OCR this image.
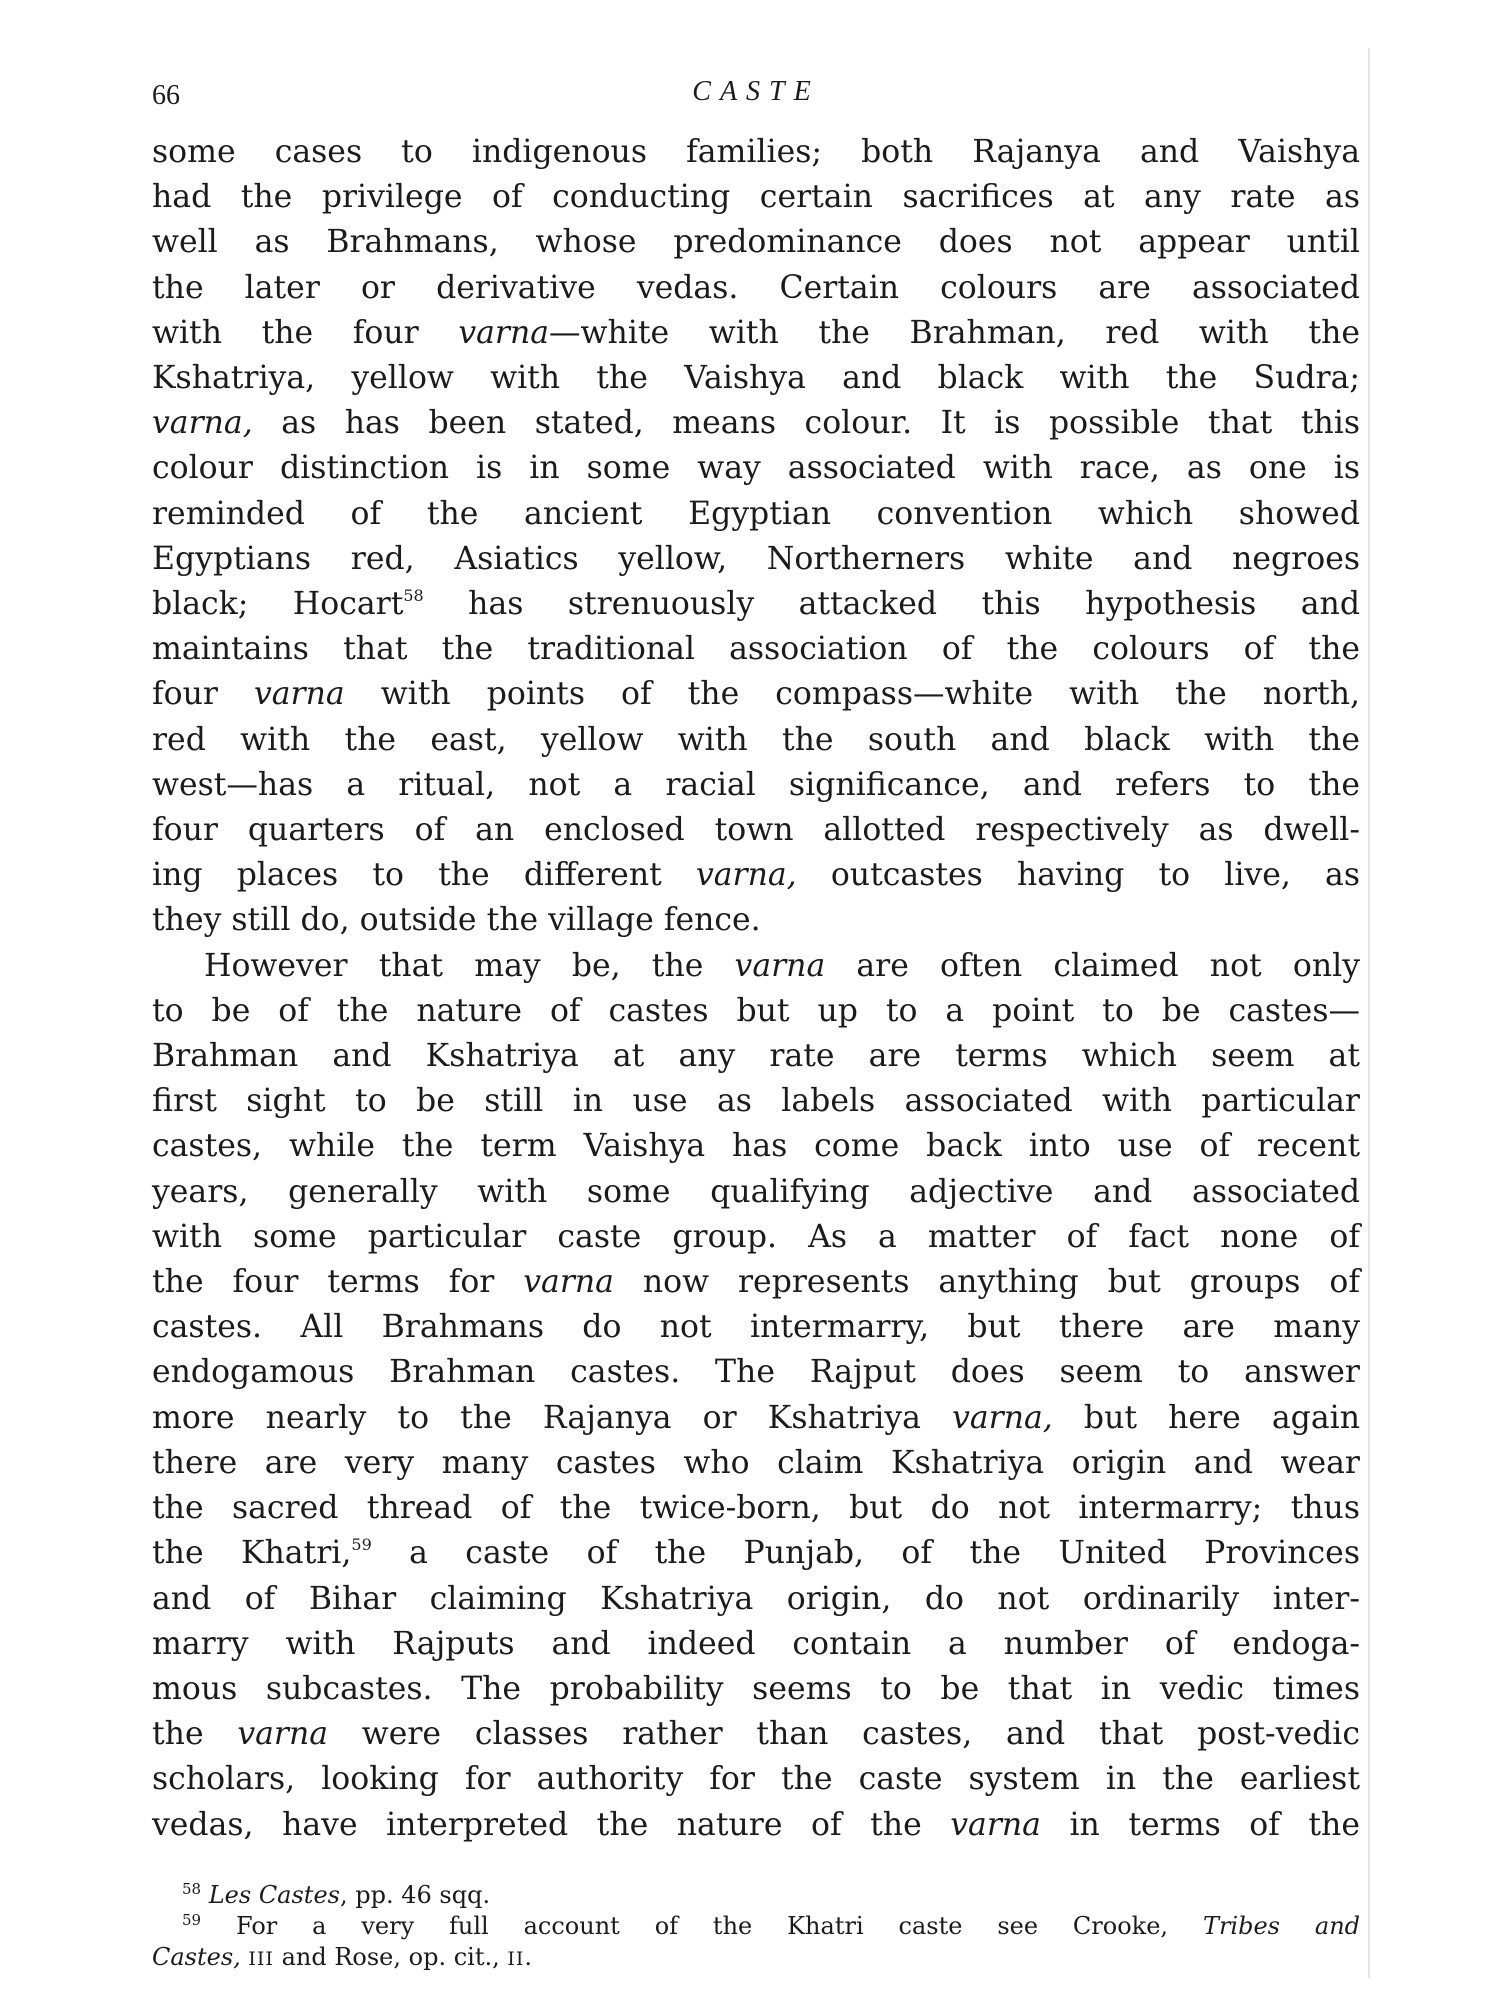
66	CASTE
some cases to indigenous families; both Rajanya and Vaishya
had the privilege of conducting certain sacrifices at any rate as
well as Brahmans, whose predominance does not appear until
the later or derivative vedas. Certain colours are associated
with the four varna—white with the Brahman, red with the
Kshatriya, yellow with the Vaishya and black with the Sudra;
varna, as has been stated, means colour. It is possible that this
colour distinction is in some way associated with race, as one is
reminded of the ancient Egyptian convention which showed
Egyptians red, Asiatics yellow, Northerners white and negroes
black; Hocart$^{58}$ has strenuously attacked this hypothesis and
maintains that the traditional association of the colours of the
four varna with points of the compass—white with the north,
red with the east, yellow with the south and black with the
west—has a ritual, not a racial significance, and refers to the
four quarters of an enclosed town allotted respectively as dwell-
ing places to the different varna, outcastes having to live, as
they still do, outside the village fence.
However that may be, the varna are often claimed not only
to be of the nature of castes but up to a point to be castes—
Brahman and Kshatriya at any rate are terms which seem at
first sight to be still in use as labels associated with particular
castes, while the term Vaishya has come back into use of recent
years, generally with some qualifying adjective and associated
with some particular caste group. As a matter of fact none of
the four terms for varna now represents anything but groups of
castes. All Brahmans do not intermarry, but there are many
endogamous Brahman castes. The Rajput does seem to answer
more nearly to the Rajanya or Kshatriya varna, but here again
there are very many castes who claim Kshatriya origin and wear
the sacred thread of the twice-born, but do not intermarry; thus
the Khatri,$^{59}$ a caste of the Punjab, of the United Provinces
and of Bihar claiming Kshatriya origin, do not ordinarily inter-
marry with Rajputs and indeed contain a number of endoga-
mous subcastes. The probability seems to be that in vedic times
the varna were classes rather than castes, and that post-vedic
scholars, looking for authority for the caste system in the earliest
vedas, have interpreted the nature of the varna in terms of the
$^{58}$ Les Castes, pp. 46 sqq.
$^{59}$ For a very full account of the Khatri caste see Crooke, Tribes and
Castes, III and Rose, op. cit., II.
